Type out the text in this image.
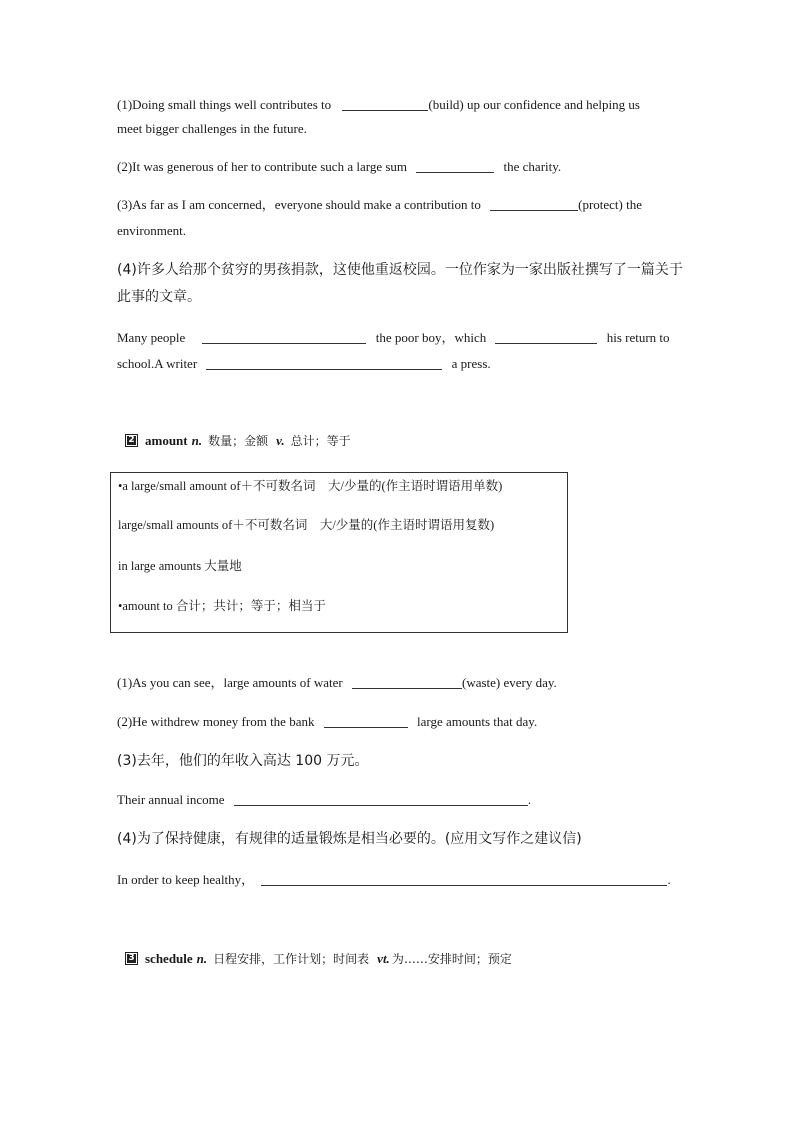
(1)Doing small things well contributes to	(build) up our confidence and helping us
meet bigger challenges in the future.
(2)It was generous of her to contribute such a large sum	the charity.
(3)As far as I am concerned，everyone should make a contribution to	(protect) the
environment.
(4)许多人给那个贫穷的男孩捐款，这使他重返校园。一位作家为一家出版社撰写了一篇关于
此事的文章。
Many people	the poor boy，which	his return to
school.A writer	a press.
2 amount n. 数量；金额 v. 总计；等于
•a large/small amount of＋不可数名词　大/少量的(作主语时谓语用单数)
large/small amounts of＋不可数名词　大/少量的(作主语时谓语用复数)
in large amounts 大量地
•amount to 合计；共计；等于；相当于
(1)As you can see，large amounts of water	(waste) every day.
(2)He withdrew money from the bank	large amounts that day.
(3)去年，他们的年收入高达 100 万元。
Their annual income	.
(4)为了保持健康，有规律的适量锻炼是相当必要的。(应用文写作之建议信)
In order to keep healthy，	.
3 schedule n. 日程安排，工作计划；时间表 vt. 为……安排时间；预定
